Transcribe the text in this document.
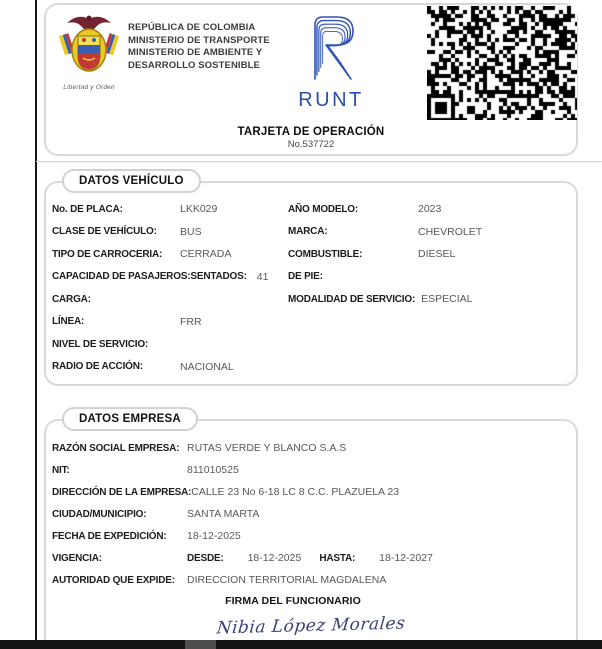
Libertad y Orden
REPÚBLICA DE COLOMBIA
MINISTERIO DE TRANSPORTE
MINISTERIO DE AMBIENTE Y
DESARROLLO SOSTENIBLE
RUNT
TARJETA DE OPERACIÓN
No.537722
DATOS VEHÍCULO
No. DE PLACA:	LKK029
CLASE DE VEHÍCULO:	BUS
TIPO DE CARROCERIA:	CERRADA
CAPACIDAD DE PASAJEROS: SENTADOS: 41
CARGA:
LÍNEA:	FRR
NIVEL DE SERVICIO:
RADIO DE ACCIÓN:	NACIONAL
AÑO MODELO:	2023
MARCA:	CHEVROLET
COMBUSTIBLE:	DIESEL
DE PIE:
MODALIDAD DE SERVICIO: ESPECIAL
DATOS EMPRESA
RAZÓN SOCIAL EMPRESA: RUTAS VERDE Y BLANCO S.A.S
NIT:	811010525
DIRECCIÓN DE LA EMPRESA: CALLE 23 No 6-18 LC 8 C.C. PLAZUELA 23
CIUDAD/MUNICIPIO:	SANTA MARTA
FECHA DE EXPEDICIÓN:	18-12-2025
VIGENCIA:	DESDE: 18-12-2025 HASTA: 18-12-2027
AUTORIDAD QUE EXPIDE:	DIRECCION TERRITORIAL MAGDALENA
FIRMA DEL FUNCIONARIO
Nibia López Morales
